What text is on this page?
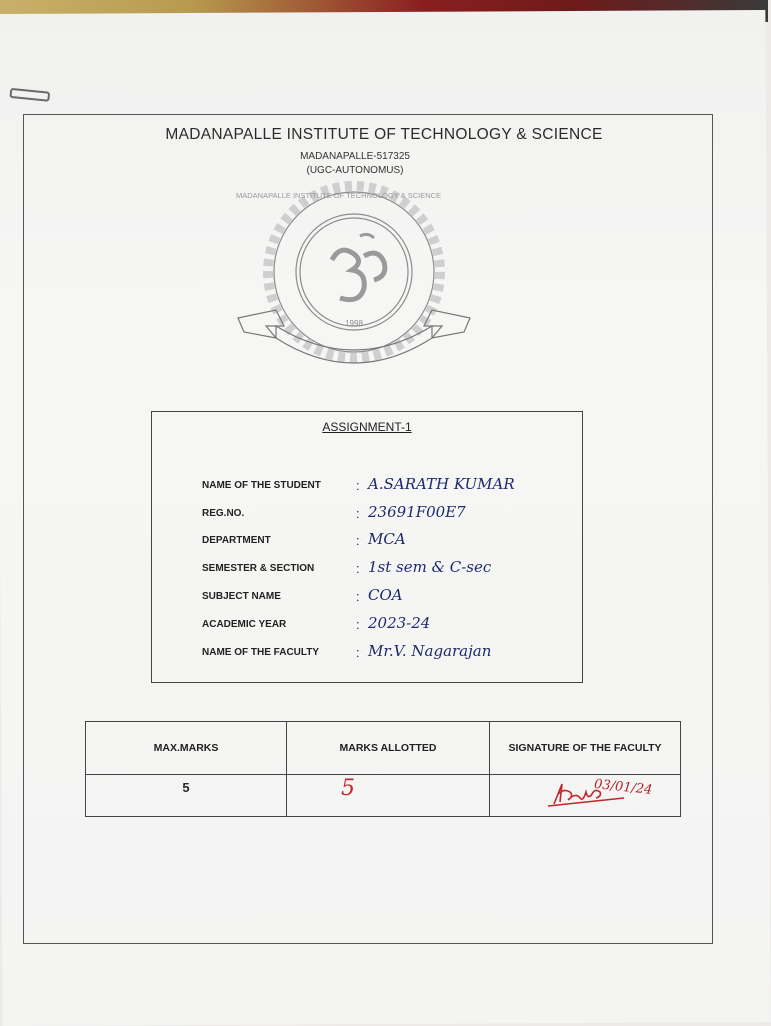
MADANAPALLE INSTITUTE OF TECHNOLOGY & SCIENCE
MADANAPALLE-517325
(UGC-AUTONOMUS)
MADANAPALLE INSTITUTE OF TECHNOLOGY & SCIENCE
1998
ASSIGNMENT-1
NAME OF THE STUDENT	: A.SARATH KUMAR
REG.NO.	: 23691F00E7
DEPARTMENT	: MCA
SEMESTER & SECTION	: 1st sem & C-sec
SUBJECT NAME	: COA
ACADEMIC YEAR	: 2023-24
NAME OF THE FACULTY	: Mr.V. Nagarajan
MAX.MARKS	MARKS ALLOTTED	SIGNATURE OF THE FACULTY
5	5	03/01/24
